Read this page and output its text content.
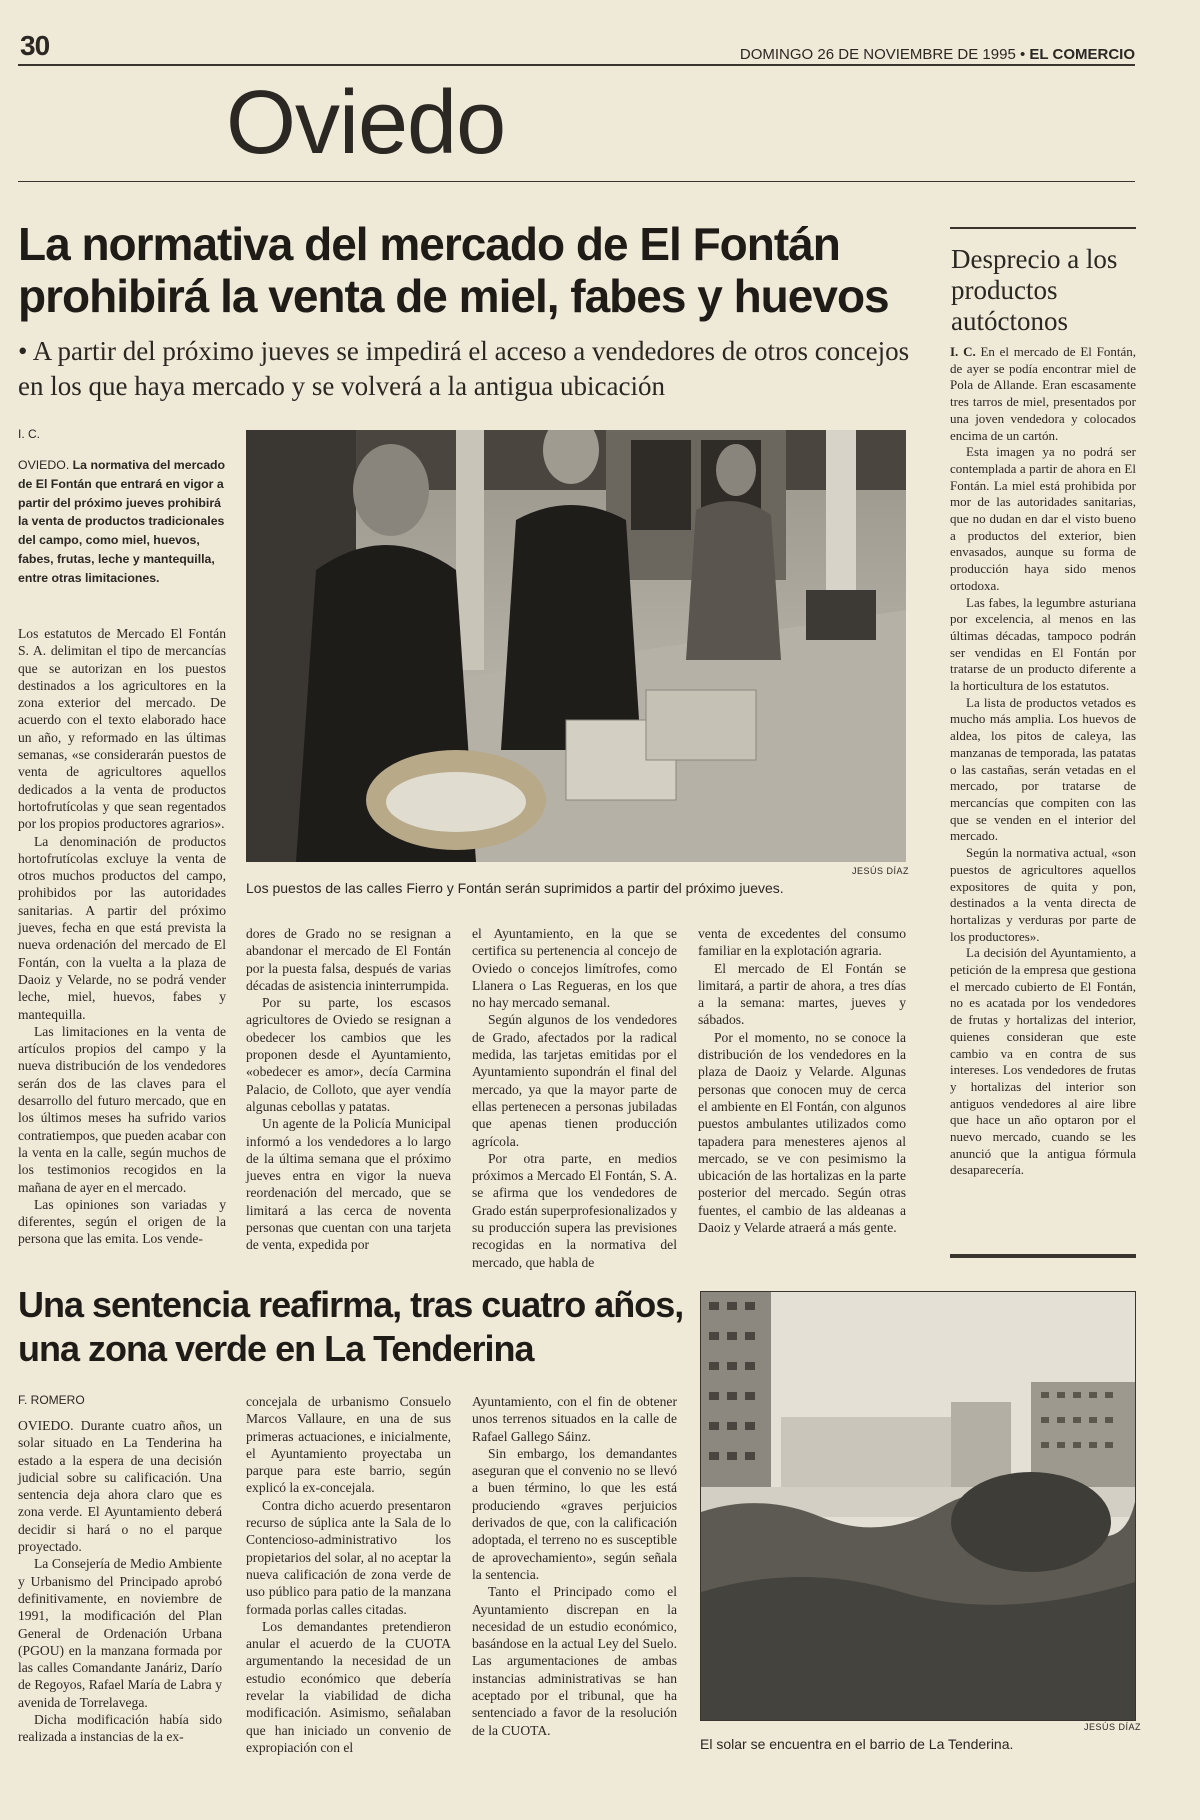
30	DOMINGO 26 DE NOVIEMBRE DE 1995 • EL COMERCIO
Oviedo
La normativa del mercado de El Fontán prohibirá la venta de miel, fabes y huevos
• A partir del próximo jueves se impedirá el acceso a vendedores de otros concejos en los que haya mercado y se volverá a la antigua ubicación
I. C.
OVIEDO. La normativa del mercado de El Fontán que entrará en vigor a partir del próximo jueves prohibirá la venta de productos tradicionales del campo, como miel, huevos, fabes, frutas, leche y mantequilla, entre otras limitaciones.
JESÚS DÍAZ
Los puestos de las calles Fierro y Fontán serán suprimidos a partir del próximo jueves.

Los estatutos de Mercado El Fontán S. A. delimitan el tipo de mercancías que se autorizan en los puestos destinados a los agricultores en la zona exterior del mercado. De acuerdo con el texto elaborado hace un año, y reformado en las últimas semanas, «se considerarán puestos de venta de agricultores aquellos dedicados a la venta de productos hortofrutícolas y que sean regentados por los propios productores agrarios».

La denominación de productos hortofrutícolas excluye la venta de otros muchos productos del campo, prohibidos por las autoridades sanitarias. A partir del próximo jueves, fecha en que está prevista la nueva ordenación del mercado de El Fontán, con la vuelta a la plaza de Daoiz y Velarde, no se podrá vender leche, miel, huevos, fabes y mantequilla.

Las limitaciones en la venta de artículos propios del campo y la nueva distribución de los vendedores serán dos de las claves para el desarrollo del futuro mercado, que en los últimos meses ha sufrido varios contratiempos, que pueden acabar con la venta en la calle, según muchos de los testimonios recogidos en la mañana de ayer en el mercado.

Las opiniones son variadas y diferentes, según el origen de la persona que las emita. Los vende-

dores de Grado no se resignan a abandonar el mercado de El Fontán por la puesta falsa, después de varias décadas de asistencia ininterrumpida.

Por su parte, los escasos agricultores de Oviedo se resignan a obedecer los cambios que les proponen desde el Ayuntamiento, «obedecer es amor», decía Carmina Palacio, de Colloto, que ayer vendía algunas cebollas y patatas.

Un agente de la Policía Municipal informó a los vendedores a lo largo de la última semana que el próximo jueves entra en vigor la nueva reordenación del mercado, que se limitará a las cerca de noventa personas que cuentan con una tarjeta de venta, expedida por

el Ayuntamiento, en la que se certifica su pertenencia al concejo de Oviedo o concejos limítrofes, como Llanera o Las Regueras, en los que no hay mercado semanal.

Según algunos de los vendedores de Grado, afectados por la radical medida, las tarjetas emitidas por el Ayuntamiento supondrán el final del mercado, ya que la mayor parte de ellas pertenecen a personas jubiladas que apenas tienen producción agrícola.

Por otra parte, en medios próximos a Mercado El Fontán, S. A. se afirma que los vendedores de Grado están superprofesionalizados y su producción supera las previsiones recogidas en la normativa del mercado, que habla de

venta de excedentes del consumo familiar en la explotación agraria.

El mercado de El Fontán se limitará, a partir de ahora, a tres días a la semana: martes, jueves y sábados.

Por el momento, no se conoce la distribución de los vendedores en la plaza de Daoiz y Velarde. Algunas personas que conocen muy de cerca el ambiente en El Fontán, con algunos puestos ambulantes utilizados como tapadera para menesteres ajenos al mercado, se ve con pesimismo la ubicación de las hortalizas en la parte posterior del mercado. Según otras fuentes, el cambio de las aldeanas a Daoiz y Velarde atraerá a más gente.

Desprecio a los productos autóctonos

I. C. En el mercado de El Fontán, de ayer se podía encontrar miel de Pola de Allande. Eran escasamente tres tarros de miel, presentados por una joven vendedora y colocados encima de un cartón.

Esta imagen ya no podrá ser contemplada a partir de ahora en El Fontán. La miel está prohibida por mor de las autoridades sanitarias, que no dudan en dar el visto bueno a productos del exterior, bien envasados, aunque su forma de producción haya sido menos ortodoxa.

Las fabes, la legumbre asturiana por excelencia, al menos en las últimas décadas, tampoco podrán ser vendidas en El Fontán por tratarse de un producto diferente a la horticultura de los estatutos.

La lista de productos vetados es mucho más amplia. Los huevos de aldea, los pitos de caleya, las manzanas de temporada, las patatas o las castañas, serán vetadas en el mercado, por tratarse de mercancías que compiten con las que se venden en el interior del mercado.

Según la normativa actual, «son puestos de agricultores aquellos expositores de quita y pon, destinados a la venta directa de hortalizas y verduras por parte de los productores».

La decisión del Ayuntamiento, a petición de la empresa que gestiona el mercado cubierto de El Fontán, no es acatada por los vendedores de frutas y hortalizas del interior, quienes consideran que este cambio va en contra de sus intereses. Los vendedores de frutas y hortalizas del interior son antiguos vendedores al aire libre que hace un año optaron por el nuevo mercado, cuando se les anunció que la antigua fórmula desaparecería.

Una sentencia reafirma, tras cuatro años, una zona verde en La Tenderina
F. ROMERO

OVIEDO. Durante cuatro años, un solar situado en La Tenderina ha estado a la espera de una decisión judicial sobre su calificación. Una sentencia deja ahora claro que es zona verde. El Ayuntamiento deberá decidir si hará o no el parque proyectado.

La Consejería de Medio Ambiente y Urbanismo del Principado aprobó definitivamente, en noviembre de 1991, la modificación del Plan General de Ordenación Urbana (PGOU) en la manzana formada por las calles Comandante Janáriz, Darío de Regoyos, Rafael María de Labra y avenida de Torrelavega.

Dicha modificación había sido realizada a instancias de la ex-

concejala de urbanismo Consuelo Marcos Vallaure, en una de sus primeras actuaciones, e inicialmente, el Ayuntamiento proyectaba un parque para este barrio, según explicó la ex-concejala.

Contra dicho acuerdo presentaron recurso de súplica ante la Sala de lo Contencioso-administrativo los propietarios del solar, al no aceptar la nueva calificación de zona verde de uso público para patio de la manzana formada porlas calles citadas.

Los demandantes pretendieron anular el acuerdo de la CUOTA argumentando la necesidad de un estudio económico que debería revelar la viabilidad de dicha modificación. Asimismo, señalaban que han iniciado un convenio de expropiación con el

Ayuntamiento, con el fin de obtener unos terrenos situados en la calle de Rafael Gallego Sáinz.

Sin embargo, los demandantes aseguran que el convenio no se llevó a buen término, lo que les está produciendo «graves perjuicios derivados de que, con la calificación adoptada, el terreno no es susceptible de aprovechamiento», según señala la sentencia.

Tanto el Principado como el Ayuntamiento discrepan en la necesidad de un estudio económico, basándose en la actual Ley del Suelo. Las argumentaciones de ambas instancias administrativas se han aceptado por el tribunal, que ha sentenciado a favor de la resolución de la CUOTA.	JESÚS DÍAZ
El solar se encuentra en el barrio de La Tenderina.
